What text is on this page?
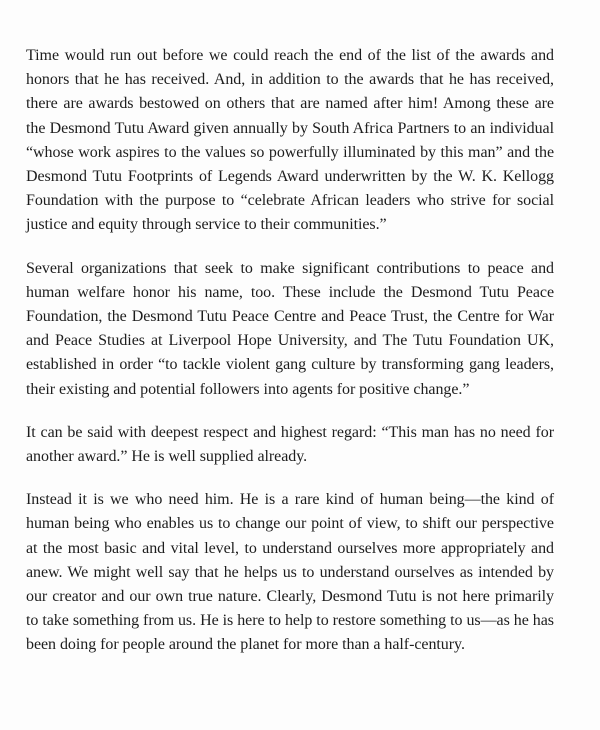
Time would run out before we could reach the end of the list of the awards and honors that he has received. And, in addition to the awards that he has received, there are awards bestowed on others that are named after him! Among these are the Desmond Tutu Award given annually by South Africa Partners to an individual “whose work aspires to the values so powerfully illuminated by this man” and the Desmond Tutu Footprints of Legends Award underwritten by the W. K. Kellogg Foundation with the purpose to “celebrate African leaders who strive for social justice and equity through service to their communities.”

Several organizations that seek to make significant contributions to peace and human welfare honor his name, too. These include the Desmond Tutu Peace Foundation, the Desmond Tutu Peace Centre and Peace Trust, the Centre for War and Peace Studies at Liverpool Hope University, and The Tutu Foundation UK, established in order “to tackle violent gang culture by transforming gang leaders, their existing and potential followers into agents for positive change.”

It can be said with deepest respect and highest regard: “This man has no need for another award.” He is well supplied already.

Instead it is we who need him. He is a rare kind of human being—the kind of human being who enables us to change our point of view, to shift our perspective at the most basic and vital level, to understand ourselves more appropriately and anew. We might well say that he helps us to understand ourselves as intended by our creator and our own true nature. Clearly, Desmond Tutu is not here primarily to take something from us. He is here to help to restore something to us—as he has been doing for people around the planet for more than a half-century.
